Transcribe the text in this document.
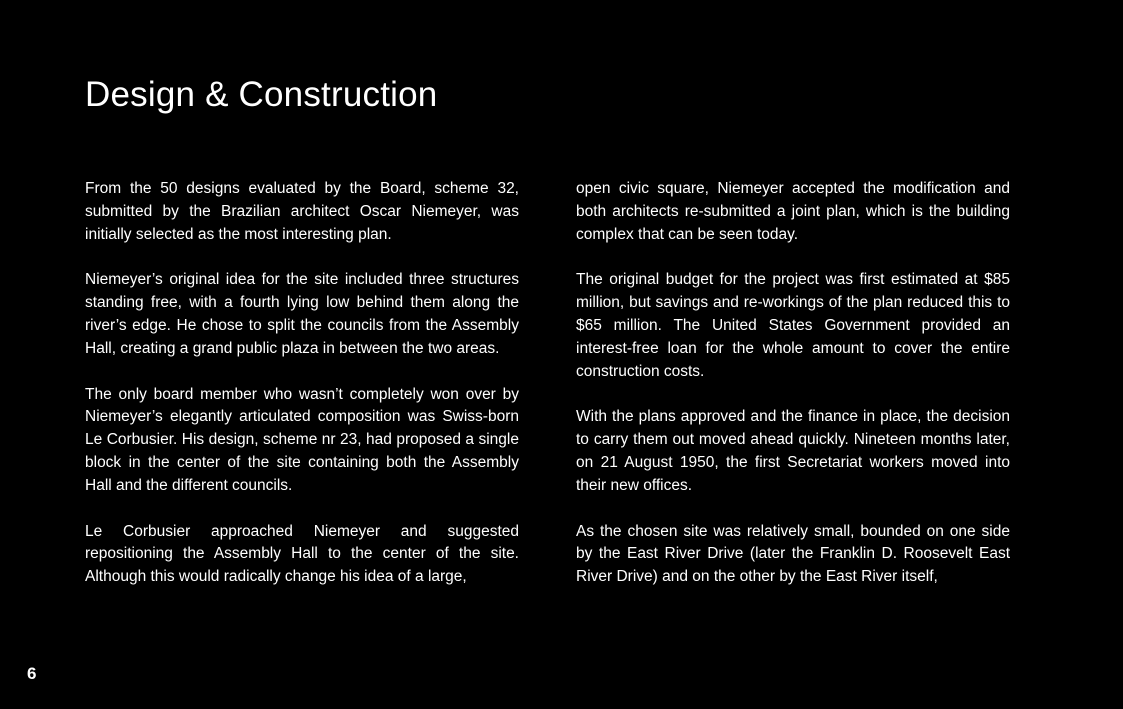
Design & Construction

From the 50 designs evaluated by the Board, scheme 32, submitted by the Brazilian architect Oscar Niemeyer, was initially selected as the most interesting plan.

Niemeyer’s original idea for the site included three structures standing free, with a fourth lying low behind them along the river’s edge. He chose to split the councils from the Assembly Hall, creating a grand public plaza in between the two areas.

The only board member who wasn’t completely won over by Niemeyer’s elegantly articulated composition was Swiss-born Le Corbusier. His design, scheme nr 23, had proposed a single block in the center of the site containing both the Assembly Hall and the different councils.

Le Corbusier approached Niemeyer and suggested repositioning the Assembly Hall to the center of the site. Although this would radically change his idea of a large,

open civic square, Niemeyer accepted the modification and both architects re-submitted a joint plan, which is the building complex that can be seen today.

The original budget for the project was first estimated at $85 million, but savings and re-workings of the plan reduced this to $65 million. The United States Government provided an interest-free loan for the whole amount to cover the entire construction costs.

With the plans approved and the finance in place, the decision to carry them out moved ahead quickly. Nineteen months later, on 21 August 1950, the first Secretariat workers moved into their new offices.

As the chosen site was relatively small, bounded on one side by the East River Drive (later the Franklin D. Roosevelt East River Drive) and on the other by the East River itself,

6
